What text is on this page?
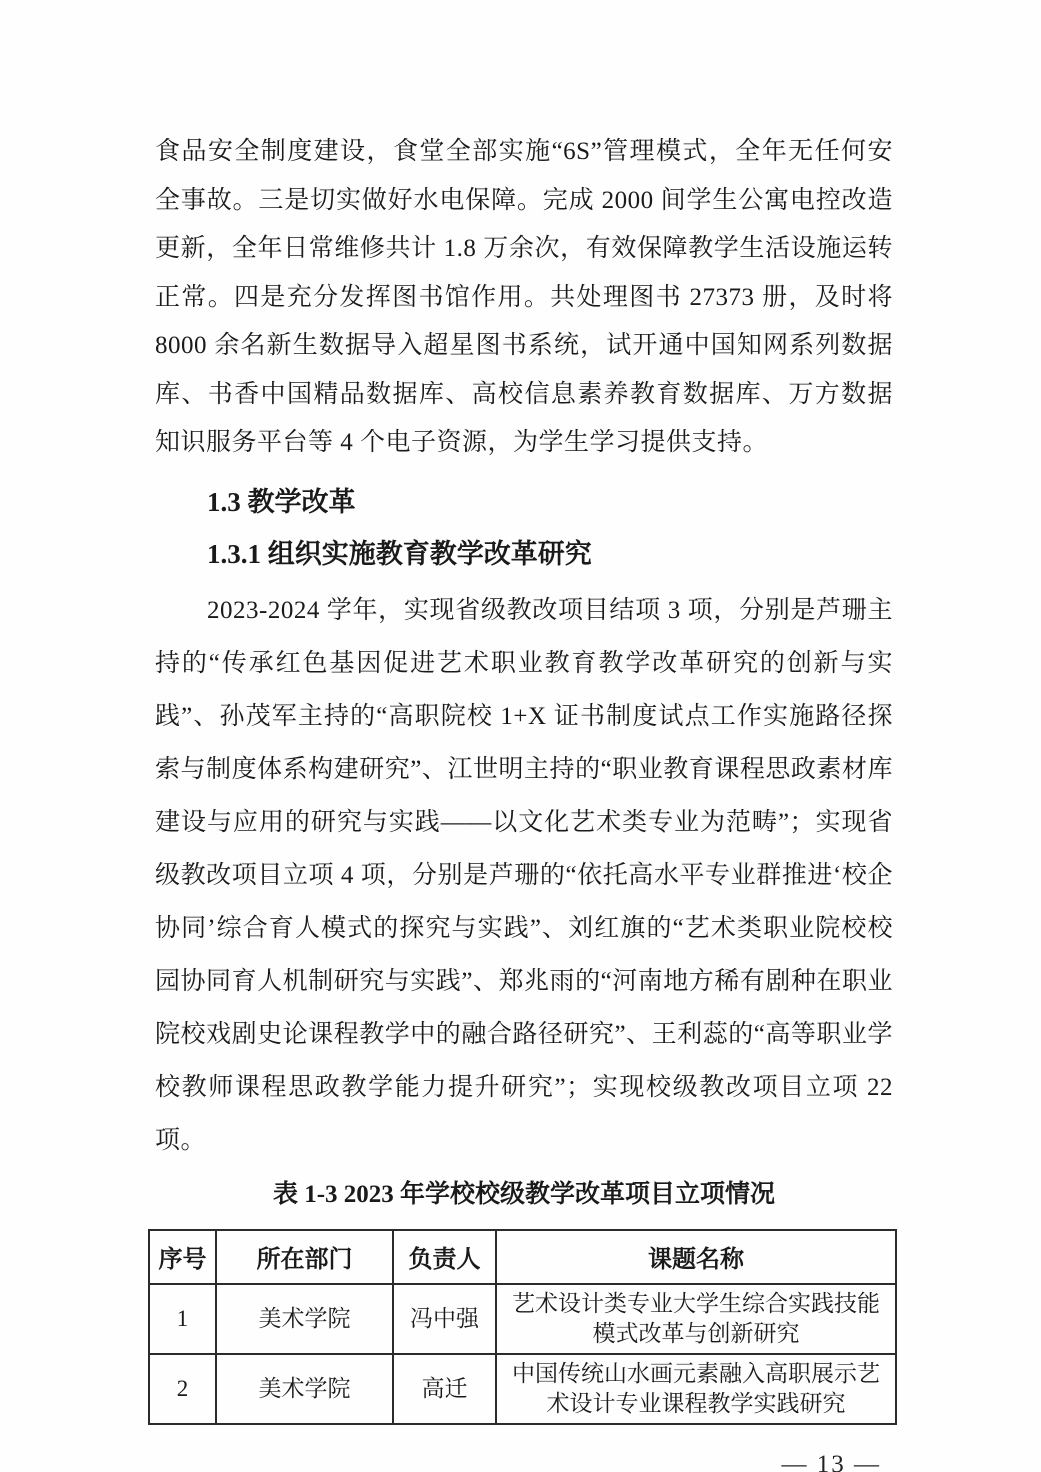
食品安全制度建设，食堂全部实施“6S”管理模式，全年无任何安全事故。三是切实做好水电保障。完成 2000 间学生公寓电控改造更新，全年日常维修共计 1.8 万余次，有效保障教学生活设施运转正常。四是充分发挥图书馆作用。共处理图书 27373 册，及时将 8000 余名新生数据导入超星图书系统，试开通中国知网系列数据库、书香中国精品数据库、高校信息素养教育数据库、万方数据知识服务平台等 4 个电子资源，为学生学习提供支持。

1.3 教学改革
1.3.1 组织实施教育教学改革研究

2023-2024 学年，实现省级教改项目结项 3 项，分别是芦珊主持的“传承红色基因促进艺术职业教育教学改革研究的创新与实践”、孙茂军主持的“高职院校 1+X 证书制度试点工作实施路径探索与制度体系构建研究”、江世明主持的“职业教育课程思政素材库建设与应用的研究与实践——以文化艺术类专业为范畴”；实现省级教改项目立项 4 项，分别是芦珊的“依托高水平专业群推进‘校企协同’综合育人模式的探究与实践”、刘红旗的“艺术类职业院校校园协同育人机制研究与实践”、郑兆雨的“河南地方稀有剧种在职业院校戏剧史论课程教学中的融合路径研究”、王利蕊的“高等职业学校教师课程思政教学能力提升研究”；实现校级教改项目立项 22 项。

表 1-3 2023 年学校校级教学改革项目立项情况
序号	所在部门	负责人	课题名称
1	美术学院	冯中强	艺术设计类专业大学生综合实践技能模式改革与创新研究
2	美术学院	高迁	中国传统山水画元素融入高职展示艺术设计专业课程教学实践研究
— 13 —
